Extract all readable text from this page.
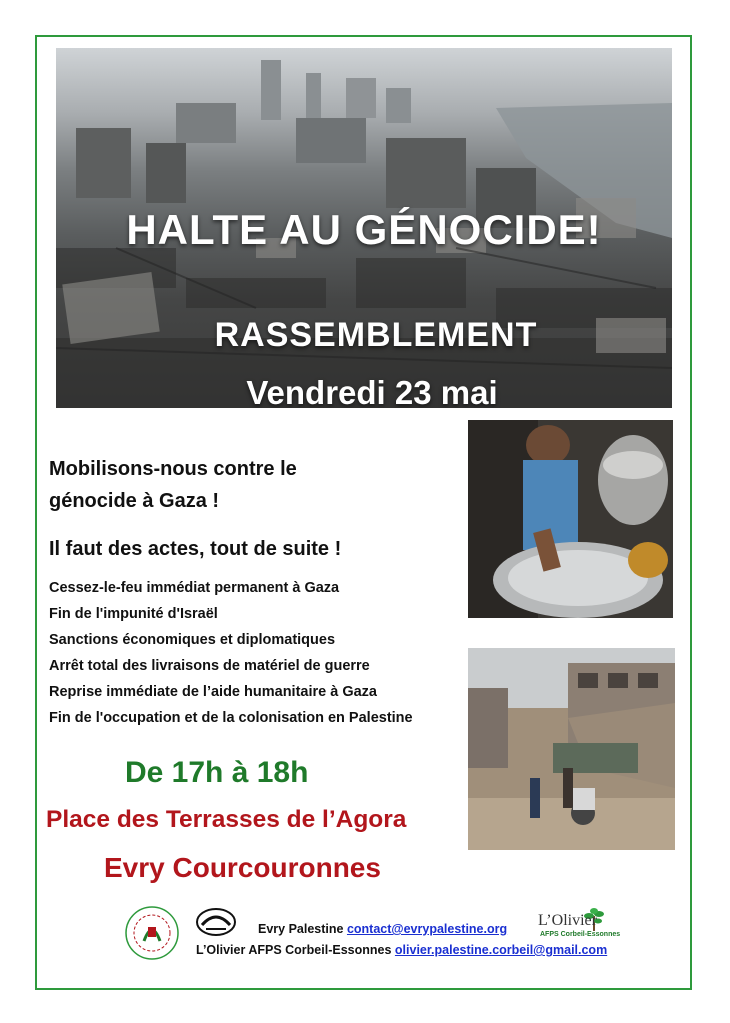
HALTE AU GÉNOCIDE!
RASSEMBLEMENT
Vendredi 23 mai
Mobilisons-nous contre le
génocide à Gaza !
Il faut des actes, tout de suite !
Cessez-le-feu immédiat permanent à Gaza
Fin de l'impunité d'Israël
Sanctions économiques et diplomatiques
Arrêt total des livraisons de matériel de guerre
Reprise immédiate de l’aide humanitaire à Gaza
Fin de l'occupation et de la colonisation en Palestine
De 17h à 18h
Place des Terrasses de l’Agora
Evry Courcouronnes
L’Olivier
AFPS Corbeil-Essonnes
Evry Palestine contact@evrypalestine.org
L’Olivier AFPS Corbeil-Essonnes olivier.palestine.corbeil@gmail.com
